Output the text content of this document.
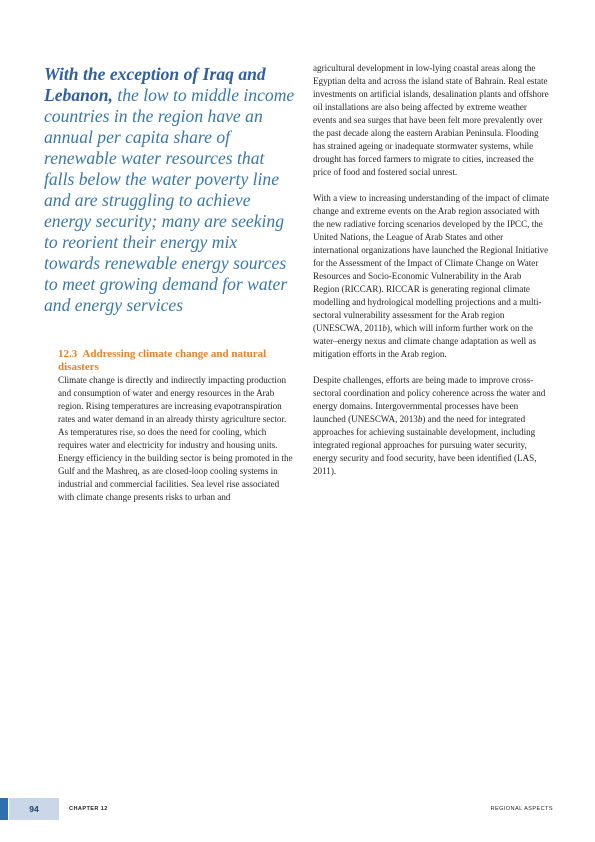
With the exception of Iraq and Lebanon, the low to middle income countries in the region have an annual per capita share of renewable water resources that falls below the water poverty line and are struggling to achieve energy security; many are seeking to reorient their energy mix towards renewable energy sources to meet growing demand for water and energy services

12.3 Addressing climate change and natural disasters

Climate change is directly and indirectly impacting production and consumption of water and energy resources in the Arab region. Rising temperatures are increasing evapotranspiration rates and water demand in an already thirsty agriculture sector. As temperatures rise, so does the need for cooling, which requires water and electricity for industry and housing units. Energy efficiency in the building sector is being promoted in the Gulf and the Mashreq, as are closed-loop cooling systems in industrial and commercial facilities. Sea level rise associated with climate change presents risks to urban and

agricultural development in low-lying coastal areas along the Egyptian delta and across the island state of Bahrain. Real estate investments on artificial islands, desalination plants and offshore oil installations are also being affected by extreme weather events and sea surges that have been felt more prevalently over the past decade along the eastern Arabian Peninsula. Flooding has strained ageing or inadequate stormwater systems, while drought has forced farmers to migrate to cities, increased the price of food and fostered social unrest.

With a view to increasing understanding of the impact of climate change and extreme events on the Arab region associated with the new radiative forcing scenarios developed by the IPCC, the United Nations, the League of Arab States and other international organizations have launched the Regional Initiative for the Assessment of the Impact of Climate Change on Water Resources and Socio-Economic Vulnerability in the Arab Region (RICCAR). RICCAR is generating regional climate modelling and hydrological modelling projections and a multi-sectoral vulnerability assessment for the Arab region (UNESCWA, 2011b), which will inform further work on the water–energy nexus and climate change adaptation as well as mitigation efforts in the Arab region.

Despite challenges, efforts are being made to improve cross-sectoral coordination and policy coherence across the water and energy domains. Intergovernmental processes have been launched (UNESCWA, 2013b) and the need for integrated approaches for achieving sustainable development, including integrated regional approaches for pursuing water security, energy security and food security, have been identified (LAS, 2011).

94	CHAPTER 12	REGIONAL ASPECTS
